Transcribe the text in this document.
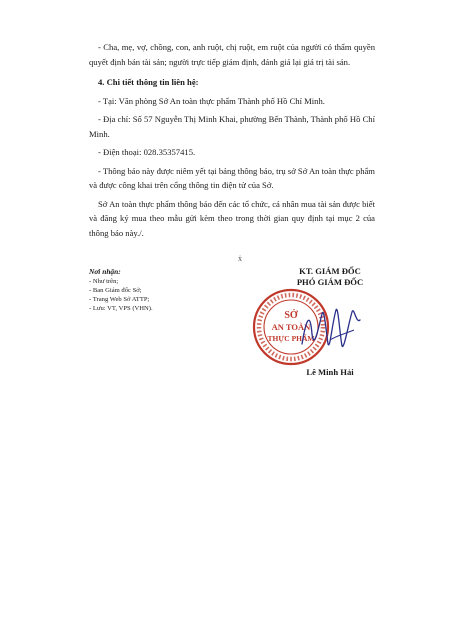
- Cha, mẹ, vợ, chồng, con, anh ruột, chị ruột, em ruột của người có thẩm quyền quyết định bán tài sản; người trực tiếp giám định, đánh giá lại giá trị tài sản.

4. Chi tiết thông tin liên hệ:

- Tại: Văn phòng Sở An toàn thực phẩm Thành phố Hồ Chí Minh.

- Địa chỉ: Số 57 Nguyễn Thị Minh Khai, phường Bến Thành, Thành phố Hồ Chí Minh.

- Điện thoại: 028.35357415.

- Thông báo này được niêm yết tại bảng thông báo, trụ sở Sở An toàn thực phẩm và được công khai trên cổng thông tin điện tử của Sở.

Sở An toàn thực phẩm thông báo đến các tổ chức, cá nhân mua tài sản được biết và đăng ký mua theo mẫu gửi kèm theo trong thời gian quy định tại mục 2 của thông báo này./.

ẋ
Nơi nhận:
- Như trên;
- Ban Giám đốc Sở;
- Trang Web Sở ATTP;
- Lưu: VT, VPS (VHN).
KT. GIÁM ĐỐC
PHÓ GIÁM ĐỐC
SỞ
AN TOÀN
THỰC PHẨM
Lê Minh Hải
